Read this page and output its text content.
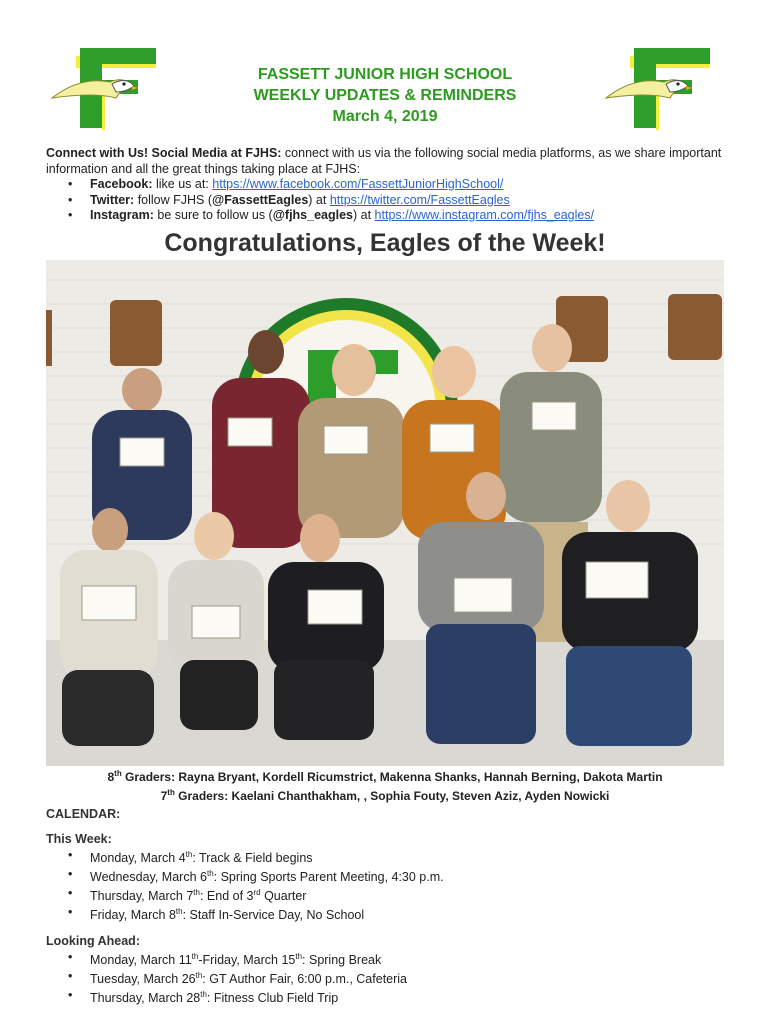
FASSETT JUNIOR HIGH SCHOOL
WEEKLY UPDATES & REMINDERS
March 4, 2019
Connect with Us! Social Media at FJHS: connect with us via the following social media platforms, as we share important information and all the great things taking place at FJHS:
• Facebook: like us at: https://www.facebook.com/FassettJuniorHighSchool/
• Twitter: follow FJHS (@FassettEagles) at https://twitter.com/FassettEagles
• Instagram: be sure to follow us (@fjhs_eagles) at https://www.instagram.com/fjhs_eagles/
Congratulations, Eagles of the Week!
8th Graders: Rayna Bryant, Kordell Ricumstrict, Makenna Shanks, Hannah Berning, Dakota Martin
7th Graders: Kaelani Chanthakham, , Sophia Fouty, Steven Aziz, Ayden Nowicki
CALENDAR:
This Week:
• Monday, March 4th: Track & Field begins
• Wednesday, March 6th: Spring Sports Parent Meeting, 4:30 p.m.
• Thursday, March 7th: End of 3rd Quarter
• Friday, March 8th: Staff In-Service Day, No School
Looking Ahead:
• Monday, March 11th-Friday, March 15th: Spring Break
• Tuesday, March 26th: GT Author Fair, 6:00 p.m., Cafeteria
• Thursday, March 28th: Fitness Club Field Trip
